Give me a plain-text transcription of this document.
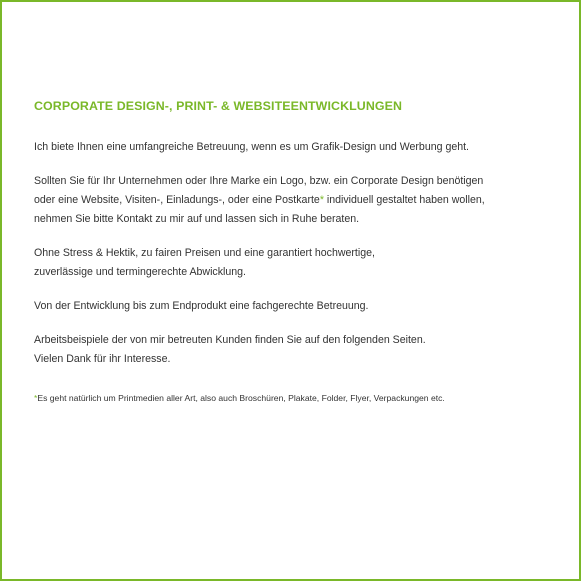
CORPORATE DESIGN-, PRINT- & WEBSITEENTWICKLUNGEN
Ich biete Ihnen eine umfangreiche Betreuung, wenn es um Grafik-Design und Werbung geht.
Sollten Sie für Ihr Unternehmen oder Ihre Marke ein Logo, bzw. ein Corporate Design benötigen
oder eine Website, Visiten-, Einladungs-, oder eine Postkarte* individuell gestaltet haben wollen,
nehmen Sie bitte Kontakt zu mir auf und lassen sich in Ruhe beraten.
Ohne Stress & Hektik, zu fairen Preisen und eine garantiert hochwertige,
zuverlässige und termingerechte Abwicklung.
Von der Entwicklung bis zum Endprodukt eine fachgerechte Betreuung.
Arbeitsbeispiele der von mir betreuten Kunden finden Sie auf den folgenden Seiten.
Vielen Dank für ihr Interesse.
*Es geht natürlich um Printmedien aller Art, also auch Broschüren, Plakate, Folder, Flyer, Verpackungen etc.
